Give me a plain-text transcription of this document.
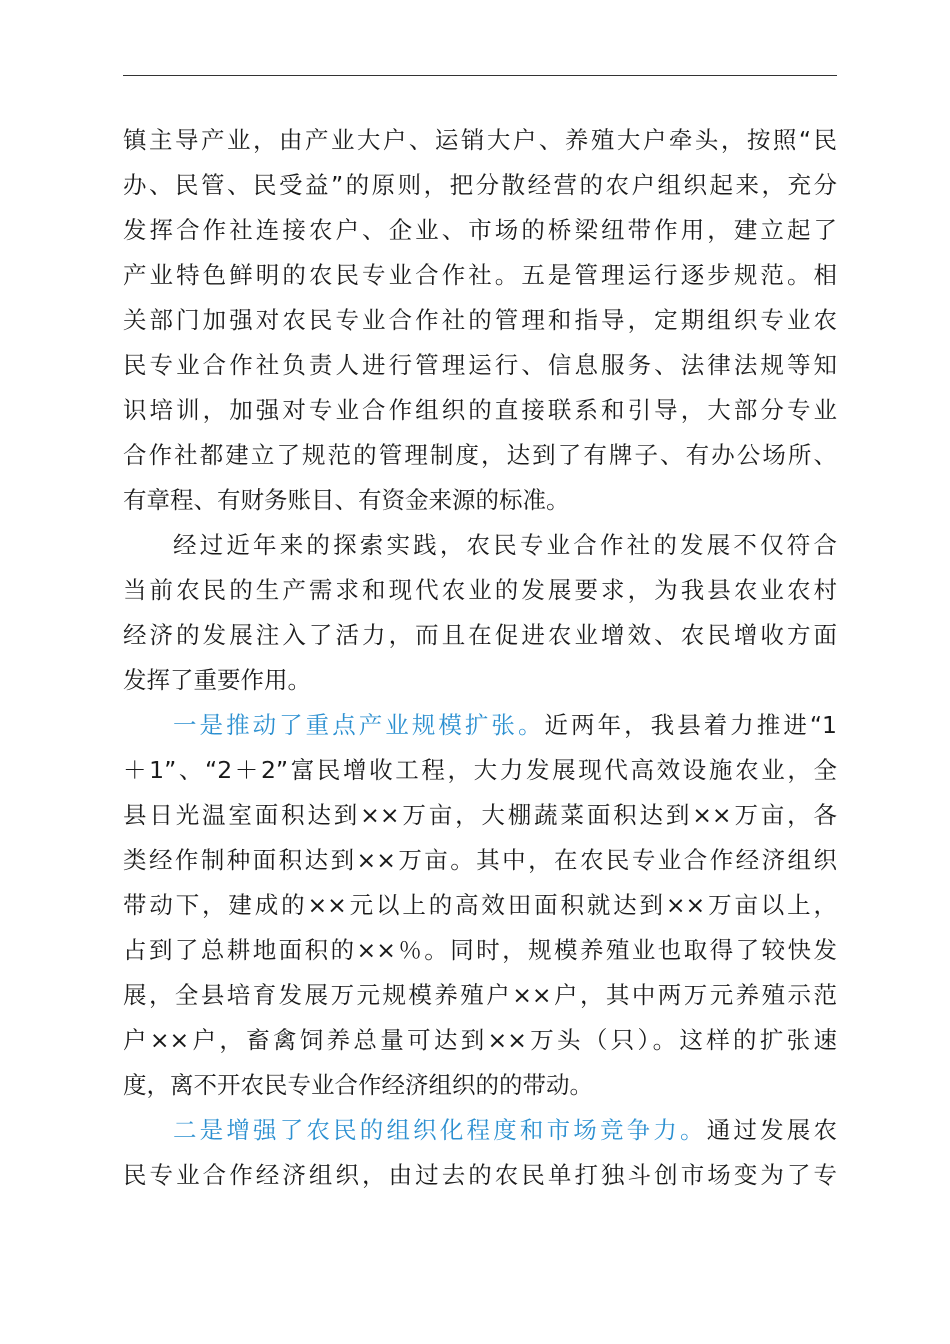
镇主导产业，由产业大户、运销大户、养殖大户牵头，按照“民
办、民管、民受益”的原则，把分散经营的农户组织起来，充分
发挥合作社连接农户、企业、市场的桥梁纽带作用，建立起了
产业特色鲜明的农民专业合作社。五是管理运行逐步规范。相
关部门加强对农民专业合作社的管理和指导，定期组织专业农
民专业合作社负责人进行管理运行、信息服务、法律法规等知
识培训，加强对专业合作组织的直接联系和引导，大部分专业
合作社都建立了规范的管理制度，达到了有牌子、有办公场所、
有章程、有财务账目、有资金来源的标准。
经过近年来的探索实践，农民专业合作社的发展不仅符合
当前农民的生产需求和现代农业的发展要求，为我县农业农村
经济的发展注入了活力，而且在促进农业增效、农民增收方面
发挥了重要作用。
一是推动了重点产业规模扩张。近两年，我县着力推进“1
＋1”、“2＋2”富民增收工程，大力发展现代高效设施农业，全
县日光温室面积达到××万亩，大棚蔬菜面积达到××万亩，各
类经作制种面积达到××万亩。其中，在农民专业合作经济组织
带动下，建成的××元以上的高效田面积就达到××万亩以上，
占到了总耕地面积的××％。同时，规模养殖业也取得了较快发
展，全县培育发展万元规模养殖户××户，其中两万元养殖示范
户××户，畜禽饲养总量可达到××万头（只）。这样的扩张速
度，离不开农民专业合作经济组织的的带动。
二是增强了农民的组织化程度和市场竞争力。通过发展农
民专业合作经济组织，由过去的农民单打独斗创市场变为了专
